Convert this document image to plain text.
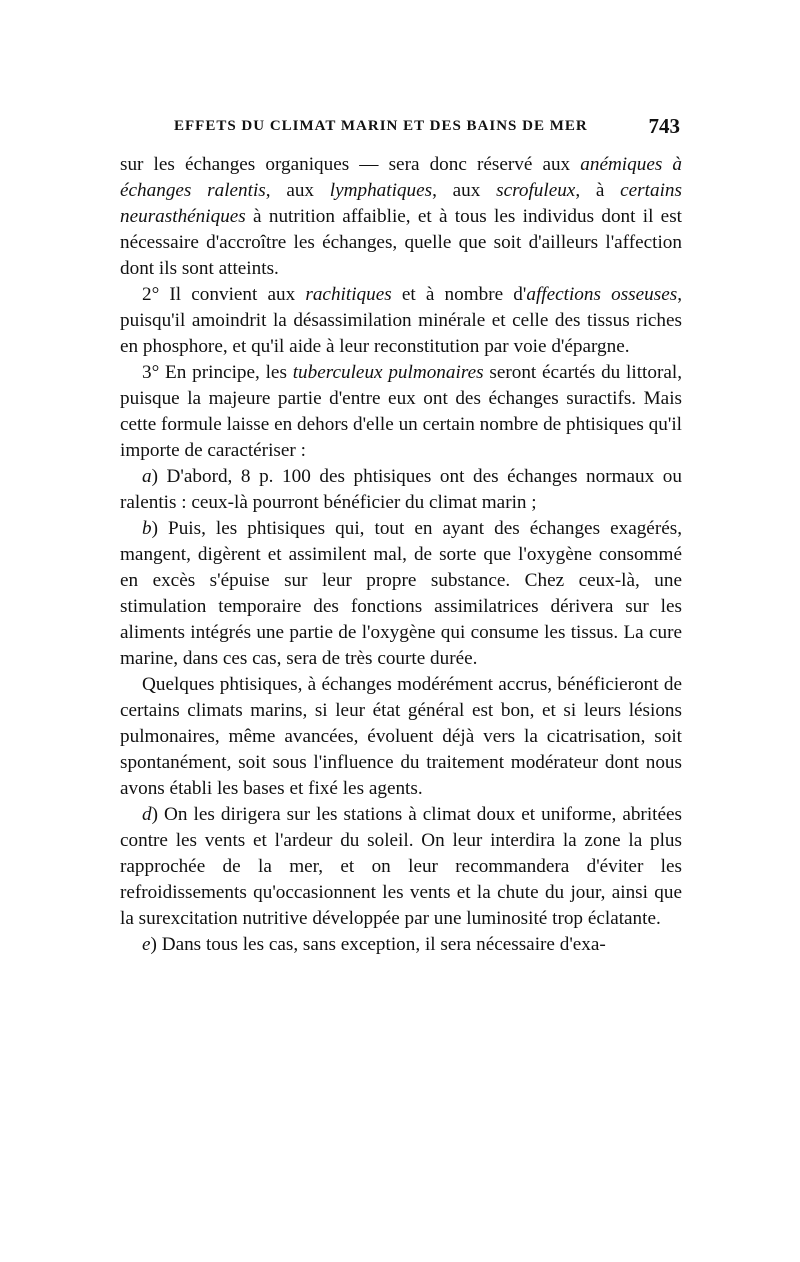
EFFETS DU CLIMAT MARIN ET DES BAINS DE MER	743

sur les échanges organiques — sera donc réservé aux anémiques à échanges ralentis, aux lymphatiques, aux scrofuleux, à certains neurasthéniques à nutrition affaiblie, et à tous les individus dont il est nécessaire d'accroître les échanges, quelle que soit d'ailleurs l'affection dont ils sont atteints.

2° Il convient aux rachitiques et à nombre d'affections osseuses, puisqu'il amoindrit la désassimilation minérale et celle des tissus riches en phosphore, et qu'il aide à leur reconstitution par voie d'épargne.

3° En principe, les tuberculeux pulmonaires seront écartés du littoral, puisque la majeure partie d'entre eux ont des échanges suractifs. Mais cette formule laisse en dehors d'elle un certain nombre de phtisiques qu'il importe de caractériser :

a) D'abord, 8 p. 100 des phtisiques ont des échanges normaux ou ralentis : ceux-là pourront bénéficier du climat marin ;

b) Puis, les phtisiques qui, tout en ayant des échanges exagérés, mangent, digèrent et assimilent mal, de sorte que l'oxygène consommé en excès s'épuise sur leur propre substance. Chez ceux-là, une stimulation temporaire des fonctions assimilatrices dérivera sur les aliments intégrés une partie de l'oxygène qui consume les tissus. La cure marine, dans ces cas, sera de très courte durée.

Quelques phtisiques, à échanges modérément accrus, bénéficieront de certains climats marins, si leur état général est bon, et si leurs lésions pulmonaires, même avancées, évoluent déjà vers la cicatrisation, soit spontanément, soit sous l'influence du traitement modérateur dont nous avons établi les bases et fixé les agents.

d) On les dirigera sur les stations à climat doux et uniforme, abritées contre les vents et l'ardeur du soleil. On leur interdira la zone la plus rapprochée de la mer, et on leur recommandera d'éviter les refroidissements qu'occasionnent les vents et la chute du jour, ainsi que la surexcitation nutritive développée par une luminosité trop éclatante.

e) Dans tous les cas, sans exception, il sera nécessaire d'exa-
